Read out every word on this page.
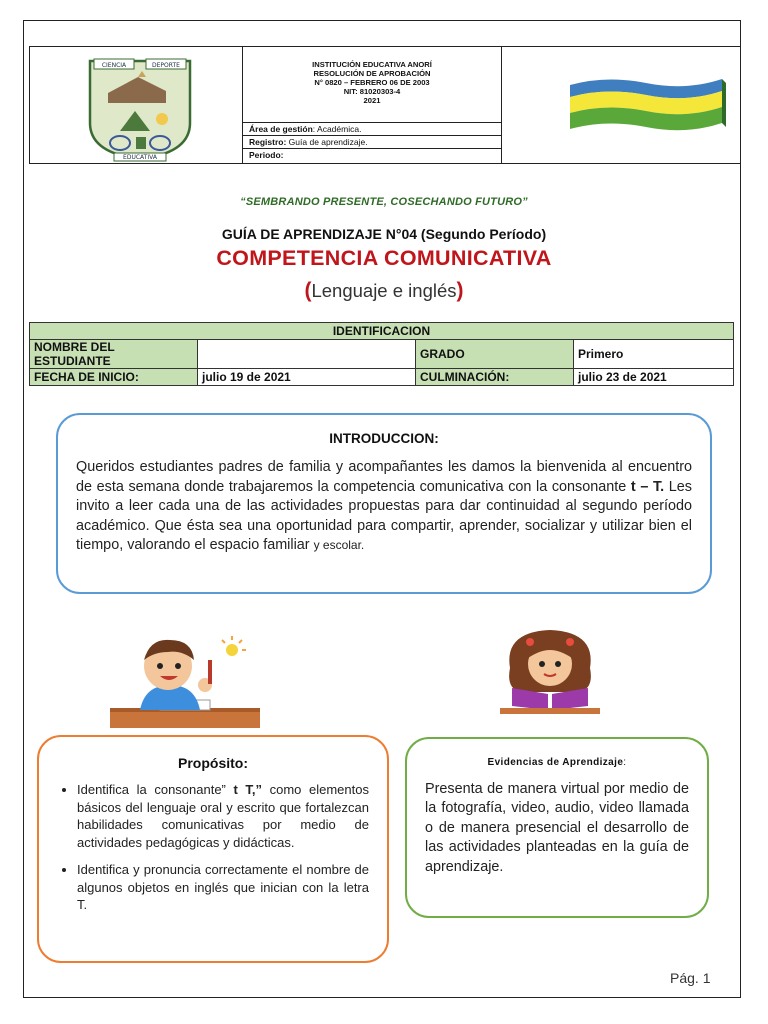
CIENCIA	DEPORTE
EDUCATIVA

INSTITUCIÓN EDUCATIVA ANORÍ
RESOLUCIÓN DE APROBACIÓN
N° 0820 – FEBRERO 06 DE 2003
NIT: 81020303-4
2021
Área de gestión: Académica.
Registro: Guía de aprendizaje.
Periodo:

“SEMBRANDO PRESENTE, COSECHANDO FUTURO”
GUÍA DE APRENDIZAJE N°04 (Segundo Período)
COMPETENCIA COMUNICATIVA
(Lenguaje e inglés)
IDENTIFICACION			
NOMBRE DEL ESTUDIANTE		GRADO	Primero
FECHA DE INICIO:	julio 19 de 2021	CULMINACIÓN:	julio 23 de 2021
INTRODUCCION:
Queridos estudiantes padres de familia y acompañantes les damos la bienvenida al encuentro de esta semana donde trabajaremos la competencia comunicativa con la consonante t – T. Les invito a leer cada una de las actividades propuestas para dar continuidad al segundo período académico. Que ésta sea una oportunidad para compartir, aprender, socializar y utilizar bien el tiempo, valorando el espacio familiar y escolar.
Propósito:
• Identifica la consonante” t T,” como elementos básicos del lenguaje oral y escrito que fortalezcan habilidades comunicativas por medio de actividades pedagógicas y didácticas.
• Identifica y pronuncia correctamente el nombre de algunos objetos en inglés que inician con la letra T.
Evidencias de Aprendizaje:
Presenta de manera virtual por medio de la fotografía, video, audio, video llamada o de manera presencial el desarrollo de las actividades planteadas en la guía de aprendizaje.
Pág. 1
